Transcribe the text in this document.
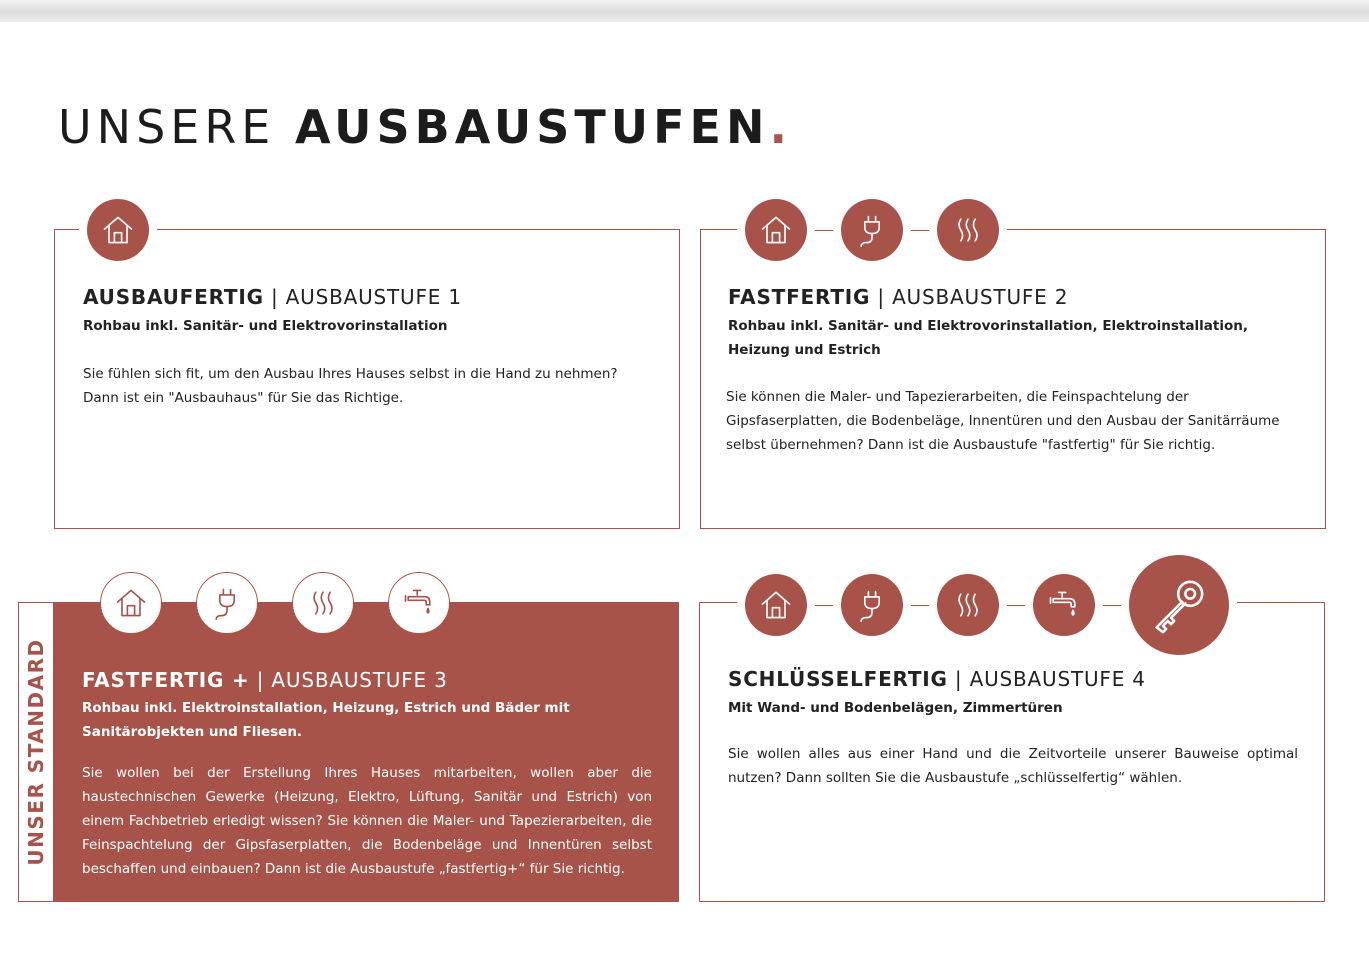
UNSERE AUSBAUSTUFEN.
AUSBAUFERTIG | AUSBAUSTUFE 1

Rohbau inkl. Sanitär- und Elektrovorinstallation

Sie fühlen sich fit, um den Ausbau Ihres Hauses selbst in die Hand zu nehmen? Dann ist ein "Ausbauhaus" für Sie das Richtige.

FASTFERTIG | AUSBAUSTUFE 2

Rohbau inkl. Sanitär- und Elektrovorinstallation, Elektroinstallation, Heizung und Estrich

Sie können die Maler- und Tapezierarbeiten, die Feinspachtelung der Gipsfaserplatten, die Bodenbeläge, Innentüren und den Ausbau der Sanitärräume selbst übernehmen? Dann ist die Ausbaustufe "fastfertig" für Sie richtig.

UNSER STANDARD FASTFERTIG + | AUSBAUSTUFE 3

Rohbau inkl. Elektroinstallation, Heizung, Estrich und Bäder mit Sanitärobjekten und Fliesen.

Sie wollen bei der Erstellung Ihres Hauses mitarbeiten, wollen aber die haustechnischen Gewerke (Heizung, Elektro, Lüftung, Sanitär und Estrich) von einem Fachbetrieb erledigt wissen? Sie können die Maler- und Tapezierarbeiten, die Feinspachtelung der Gipsfaserplatten, die Bodenbeläge und Innentüren selbst beschaffen und einbauen? Dann ist die Ausbaustufe „fastfertig+“ für Sie richtig.

SCHLÜSSELFERTIG | AUSBAUSTUFE 4

Mit Wand- und Bodenbelägen, Zimmertüren

Sie wollen alles aus einer Hand und die Zeitvorteile unserer Bauweise optimal nutzen? Dann sollten Sie die Ausbaustufe „schlüsselfertig“ wählen.
